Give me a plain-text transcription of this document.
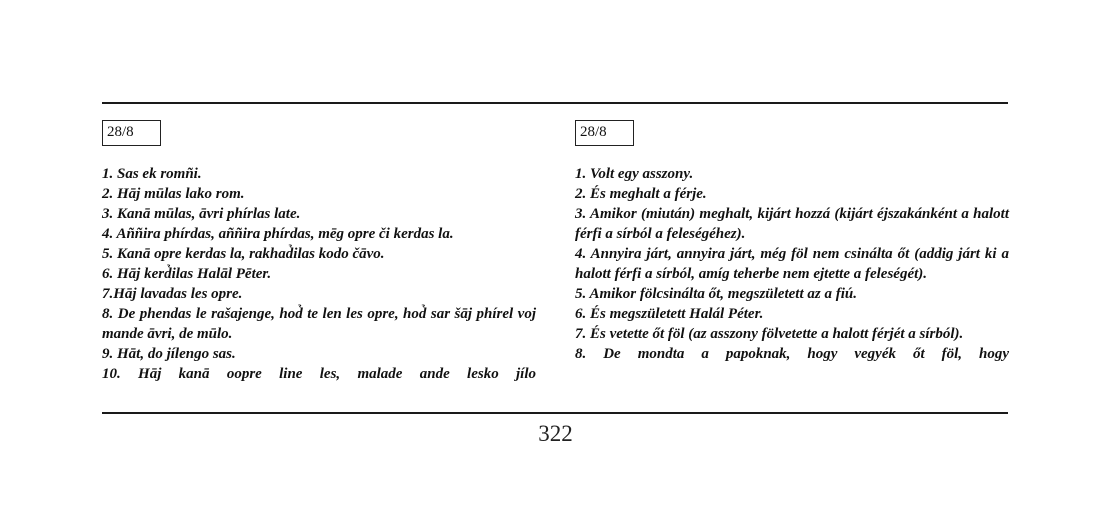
28/8

1. Sas ek romñi.

2. Hāj mūlas lako rom.

3. Kanā mūlas, āvri phírlas late.

4. Aññira phírdas, aññira phírdas, mēg opre či kerdas la.

5. Kanā opre kerdas la, rakhad̉ilas kodo čāvo.

6. Hāj kerd̉ilas Halāl Pēter.

7.Hāj lavadas les opre.

8. De phendas le rašajenge, hod̉ te len les opre, hod̉ sar šāj phírel voj mande āvri, de mūlo.

9. Hāt, do jílengo sas.

10. Hāj kanā oopre line les, malade ande lesko jílo

28/8

1. Volt egy asszony.

2. És meghalt a férje.

3. Amikor (miután) meghalt, kijárt hozzá (kijárt éjszakánként a halott férfi a sírból a feleségéhez).

4. Annyira járt, annyira járt, még föl nem csinálta őt (addig járt ki a halott férfi a sírból, amíg teherbe nem ejtette a feleségét).

5. Amikor fölcsinálta őt, megszületett az a fiú.

6. És megszületett Halál Péter.

7. És vetette őt föl (az asszony fölvetette a halott férjét a sírból).

8. De mondta a papoknak, hogy vegyék őt föl, hogy

322
